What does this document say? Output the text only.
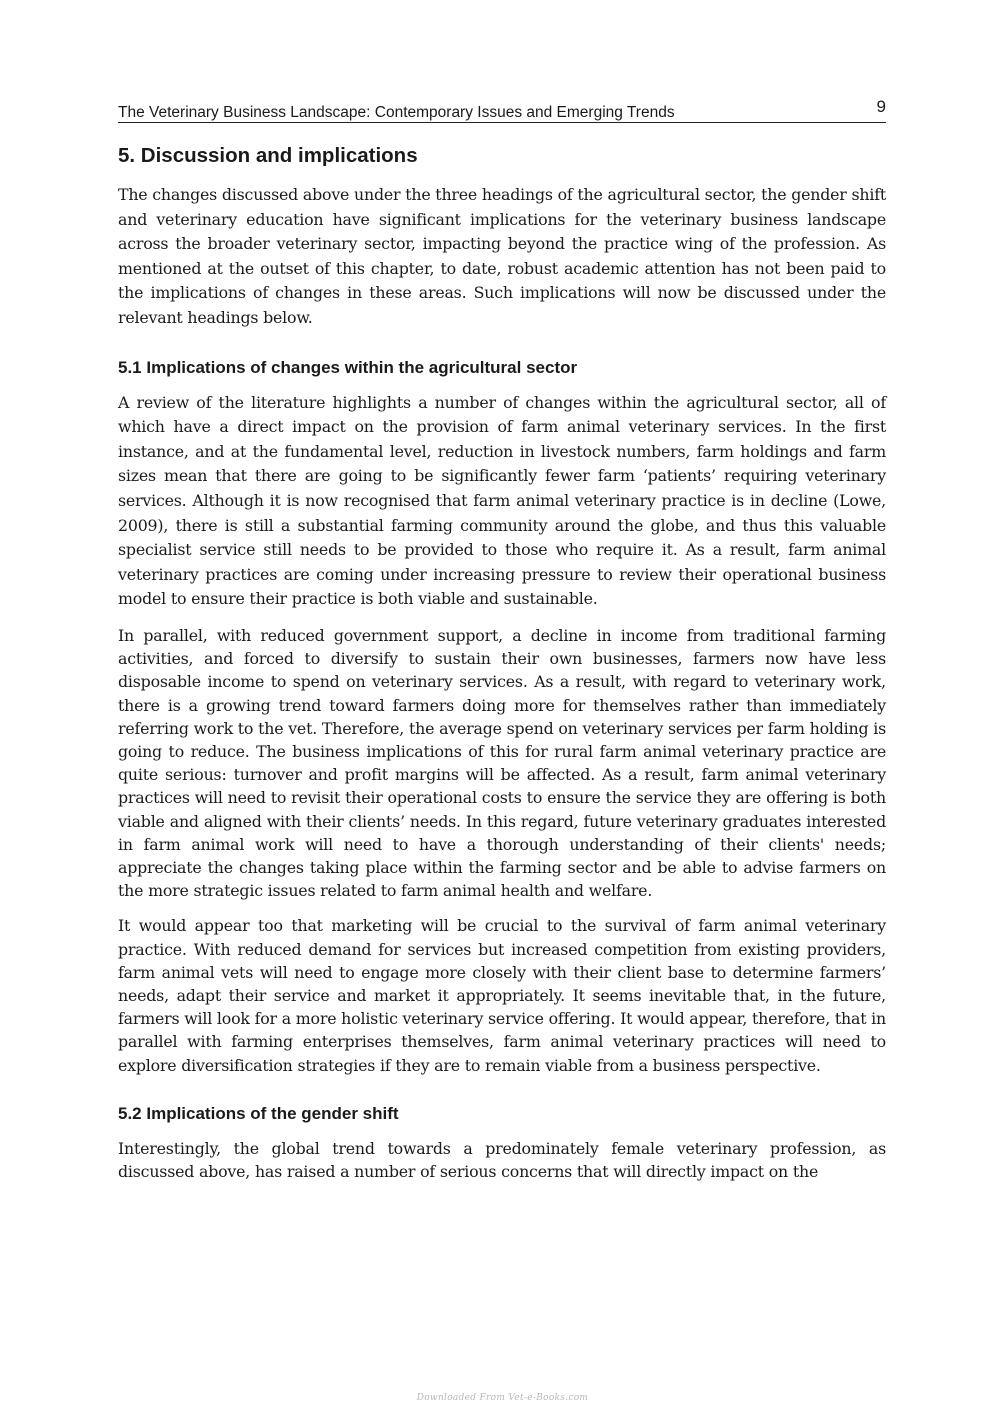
The Veterinary Business Landscape: Contemporary Issues and Emerging Trends	9
5. Discussion and implications

The changes discussed above under the three headings of the agricultural sector, the gender shift and veterinary education have significant implications for the veterinary business landscape across the broader veterinary sector, impacting beyond the practice wing of the profession. As mentioned at the outset of this chapter, to date, robust academic attention has not been paid to the implications of changes in these areas. Such implications will now be discussed under the relevant headings below.

5.1 Implications of changes within the agricultural sector

A review of the literature highlights a number of changes within the agricultural sector, all of which have a direct impact on the provision of farm animal veterinary services. In the first instance, and at the fundamental level, reduction in livestock numbers, farm holdings and farm sizes mean that there are going to be significantly fewer farm ‘patients’ requiring veterinary services. Although it is now recognised that farm animal veterinary practice is in decline (Lowe, 2009), there is still a substantial farming community around the globe, and thus this valuable specialist service still needs to be provided to those who require it. As a result, farm animal veterinary practices are coming under increasing pressure to review their operational business model to ensure their practice is both viable and sustainable.

In parallel, with reduced government support, a decline in income from traditional farming activities, and forced to diversify to sustain their own businesses, farmers now have less disposable income to spend on veterinary services. As a result, with regard to veterinary work, there is a growing trend toward farmers doing more for themselves rather than immediately referring work to the vet. Therefore, the average spend on veterinary services per farm holding is going to reduce. The business implications of this for rural farm animal veterinary practice are quite serious: turnover and profit margins will be affected. As a result, farm animal veterinary practices will need to revisit their operational costs to ensure the service they are offering is both viable and aligned with their clients’ needs. In this regard, future veterinary graduates interested in farm animal work will need to have a thorough understanding of their clients' needs; appreciate the changes taking place within the farming sector and be able to advise farmers on the more strategic issues related to farm animal health and welfare.

It would appear too that marketing will be crucial to the survival of farm animal veterinary practice. With reduced demand for services but increased competition from existing providers, farm animal vets will need to engage more closely with their client base to determine farmers’ needs, adapt their service and market it appropriately. It seems inevitable that, in the future, farmers will look for a more holistic veterinary service offering. It would appear, therefore, that in parallel with farming enterprises themselves, farm animal veterinary practices will need to explore diversification strategies if they are to remain viable from a business perspective.

5.2 Implications of the gender shift

Interestingly, the global trend towards a predominately female veterinary profession, as discussed above, has raised a number of serious concerns that will directly impact on the

Downloaded From Vet-e-Books.com
